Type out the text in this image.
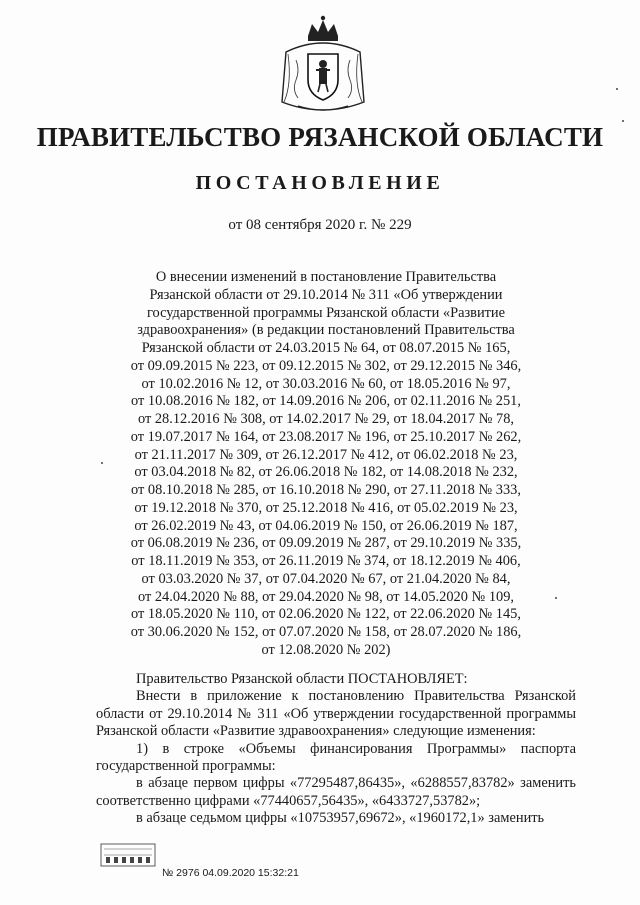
ПРАВИТЕЛЬСТВО РЯЗАНСКОЙ ОБЛАСТИ
ПОСТАНОВЛЕНИЕ
от 08 сентября 2020 г. № 229
О внесении изменений в постановление Правительства
Рязанской области от 29.10.2014 № 311 «Об утверждении
государственной программы Рязанской области «Развитие
здравоохранения» (в редакции постановлений Правительства
Рязанской области от 24.03.2015 № 64, от 08.07.2015 № 165,
от 09.09.2015 № 223, от 09.12.2015 № 302, от 29.12.2015 № 346,
от 10.02.2016 № 12, от 30.03.2016 № 60, от 18.05.2016 № 97,
от 10.08.2016 № 182, от 14.09.2016 № 206, от 02.11.2016 № 251,
от 28.12.2016 № 308, от 14.02.2017 № 29, от 18.04.2017 № 78,
от 19.07.2017 № 164, от 23.08.2017 № 196, от 25.10.2017 № 262,
от 21.11.2017 № 309, от 26.12.2017 № 412, от 06.02.2018 № 23,
от 03.04.2018 № 82, от 26.06.2018 № 182, от 14.08.2018 № 232,
от 08.10.2018 № 285, от 16.10.2018 № 290, от 27.11.2018 № 333,
от 19.12.2018 № 370, от 25.12.2018 № 416, от 05.02.2019 № 23,
от 26.02.2019 № 43, от 04.06.2019 № 150, от 26.06.2019 № 187,
от 06.08.2019 № 236, от 09.09.2019 № 287, от 29.10.2019 № 335,
от 18.11.2019 № 353, от 26.11.2019 № 374, от 18.12.2019 № 406,
от 03.03.2020 № 37, от 07.04.2020 № 67, от 21.04.2020 № 84,
от 24.04.2020 № 88, от 29.04.2020 № 98, от 14.05.2020 № 109,
от 18.05.2020 № 110, от 02.06.2020 № 122, от 22.06.2020 № 145,
от 30.06.2020 № 152, от 07.07.2020 № 158, от 28.07.2020 № 186,
от 12.08.2020 № 202)

Правительство Рязанской области ПОСТАНОВЛЯЕТ:

Внести в приложение к постановлению Правительства Рязанской области от 29.10.2014 № 311 «Об утверждении государственной программы Рязанской области «Развитие здравоохранения» следующие изменения:

1) в строке «Объемы финансирования Программы» паспорта государственной программы:

в абзаце первом цифры «77295487,86435», «6288557,83782» заменить соответственно цифрами «77440657,56435», «6433727,53782»;

в абзаце седьмом цифры «10753957,69672», «1960172,1» заменить

№ 2976 04.09.2020 15:32:21
